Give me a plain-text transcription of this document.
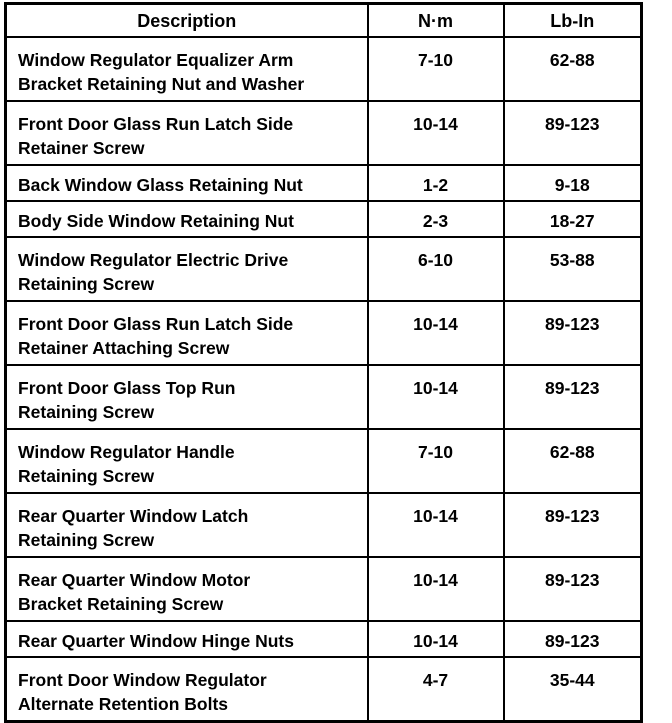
Description	N·m	Lb-In
Window Regulator Equalizer Arm
Bracket Retaining Nut and Washer	7-10	62-88
Front Door Glass Run Latch Side
Retainer Screw	10-14	89-123
Back Window Glass Retaining Nut	1-2	9-18
Body Side Window Retaining Nut	2-3	18-27
Window Regulator Electric Drive
Retaining Screw	6-10	53-88
Front Door Glass Run Latch Side
Retainer Attaching Screw	10-14	89-123
Front Door Glass Top Run
Retaining Screw	10-14	89-123
Window Regulator Handle
Retaining Screw	7-10	62-88
Rear Quarter Window Latch
Retaining Screw	10-14	89-123
Rear Quarter Window Motor
Bracket Retaining Screw	10-14	89-123
Rear Quarter Window Hinge Nuts	10-14	89-123
Front Door Window Regulator
Alternate Retention Bolts	4-7	35-44
